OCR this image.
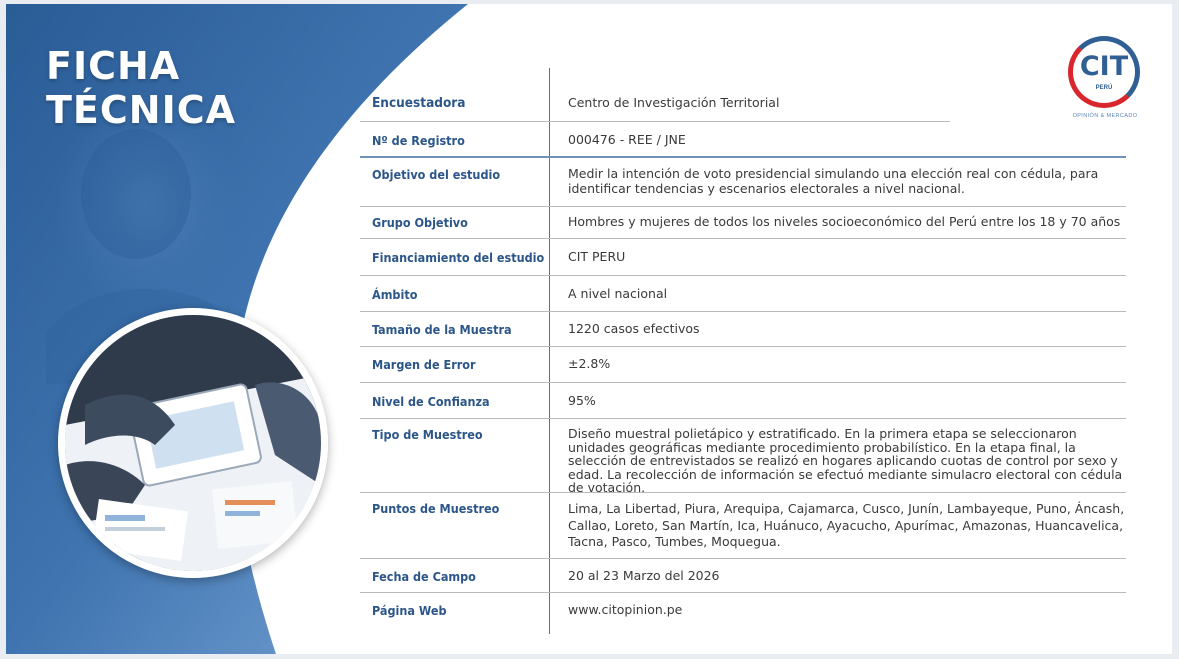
FICHA
TÉCNICA
CIT
PERÚ
OPINIÓN & MERCADO
Encuestadora	Centro de Investigación Territorial
Nº de Registro	000476 - REE / JNE
Objetivo del estudio	Medir la intención de voto presidencial simulando una elección real con cédula, para identificar tendencias y escenarios electorales a nivel nacional.
Grupo Objetivo	Hombres y mujeres de todos los niveles socioeconómico del Perú entre los 18 y 70 años
Financiamiento del estudio	CIT PERU
Ámbito	A nivel nacional
Tamaño de la Muestra	1220 casos efectivos
Margen de Error	±2.8%
Nivel de Confianza	95%
Tipo de Muestreo	Diseño muestral polietápico y estratificado. En la primera etapa se seleccionaron unidades geográficas mediante procedimiento probabilístico. En la etapa final, la selección de entrevistados se realizó en hogares aplicando cuotas de control por sexo y edad. La recolección de información se efectuó mediante simulacro electoral con cédula de votación.
Puntos de Muestreo	Lima, La Libertad, Piura, Arequipa, Cajamarca, Cusco, Junín, Lambayeque, Puno, Áncash, Callao, Loreto, San Martín, Ica, Huánuco, Ayacucho, Apurímac, Amazonas, Huancavelica, Tacna, Pasco, Tumbes, Moquegua.
Fecha de Campo	20 al 23 Marzo del 2026
Página Web	www.citopinion.pe
